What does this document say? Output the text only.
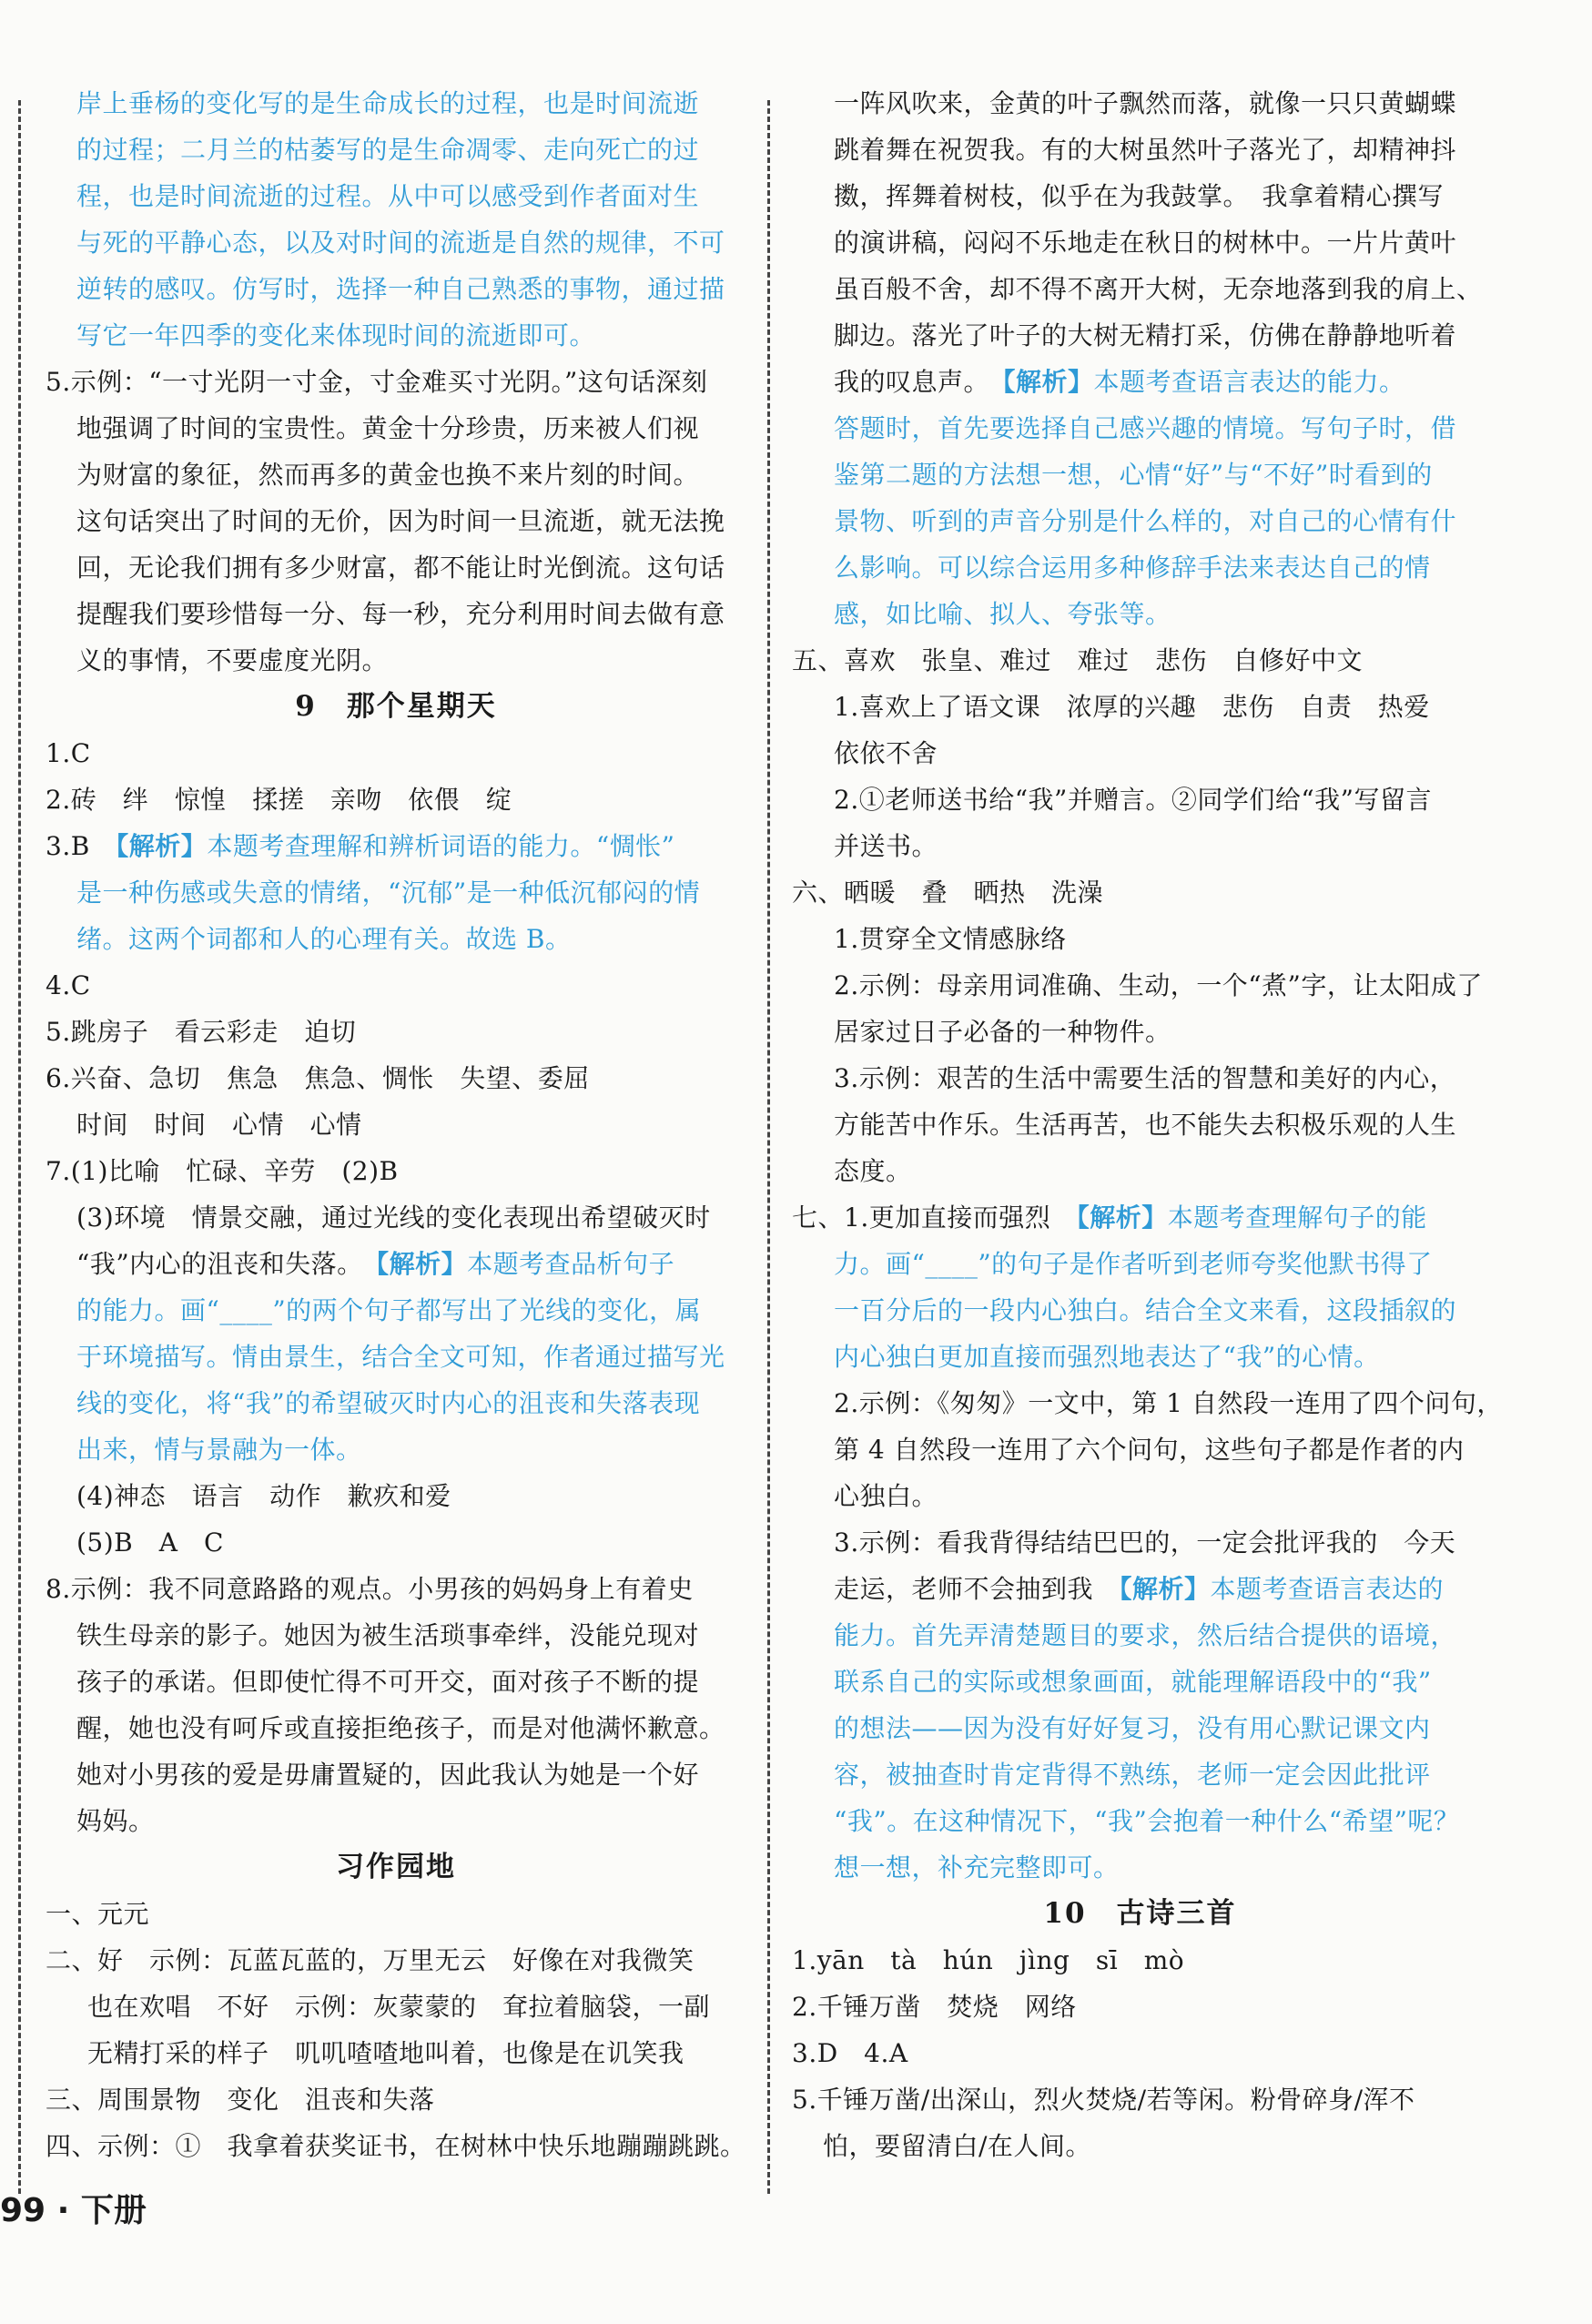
岸上垂杨的变化写的是生命成长的过程，也是时间流逝
的过程；二月兰的枯萎写的是生命凋零、走向死亡的过
程，也是时间流逝的过程。从中可以感受到作者面对生
与死的平静心态，以及对时间的流逝是自然的规律，不可
逆转的感叹。仿写时，选择一种自己熟悉的事物，通过描
写它一年四季的变化来体现时间的流逝即可。
5.示例：“一寸光阴一寸金，寸金难买寸光阴。”这句话深刻
地强调了时间的宝贵性。黄金十分珍贵，历来被人们视
为财富的象征，然而再多的黄金也换不来片刻的时间。
这句话突出了时间的无价，因为时间一旦流逝，就无法挽
回，无论我们拥有多少财富，都不能让时光倒流。这句话
提醒我们要珍惜每一分、每一秒，充分利用时间去做有意
义的事情，不要虚度光阴。
9　那个星期天
1.C
2.砖　绊　惊惶　揉搓　亲吻　依偎　绽
3.B　【解析】本题考查理解和辨析词语的能力。“惆怅”
是一种伤感或失意的情绪，“沉郁”是一种低沉郁闷的情
绪。这两个词都和人的心理有关。故选 B。
4.C
5.跳房子　看云彩走　迫切
6.兴奋、急切　焦急　焦急、惆怅　失望、委屈
时间　时间　心情　心情
7.(1)比喻　忙碌、辛劳　(2)B
(3)环境　情景交融，通过光线的变化表现出希望破灭时
“我”内心的沮丧和失落。　【解析】本题考查品析句子
的能力。画“____”的两个句子都写出了光线的变化，属
于环境描写。情由景生，结合全文可知，作者通过描写光
线的变化，将“我”的希望破灭时内心的沮丧和失落表现
出来，情与景融为一体。
(4)神态　语言　动作　歉疚和爱
(5)B　A　C
8.示例：我不同意路路的观点。小男孩的妈妈身上有着史
铁生母亲的影子。她因为被生活琐事牵绊，没能兑现对
孩子的承诺。但即使忙得不可开交，面对孩子不断的提
醒，她也没有呵斥或直接拒绝孩子，而是对他满怀歉意。
她对小男孩的爱是毋庸置疑的，因此我认为她是一个好
妈妈。
习作园地
一、元元
二、好　示例：瓦蓝瓦蓝的，万里无云　好像在对我微笑
也在欢唱　不好　示例：灰蒙蒙的　耷拉着脑袋，一副
无精打采的样子　叽叽喳喳地叫着，也像是在讥笑我
三、周围景物　变化　沮丧和失落
四、示例：①　我拿着获奖证书，在树林中快乐地蹦蹦跳跳。
一阵风吹来，金黄的叶子飘然而落，就像一只只黄蝴蝶
跳着舞在祝贺我。有的大树虽然叶子落光了，却精神抖
擞，挥舞着树枝，似乎在为我鼓掌。　我拿着精心撰写
的演讲稿，闷闷不乐地走在秋日的树林中。一片片黄叶
虽百般不舍，却不得不离开大树，无奈地落到我的肩上、
脚边。落光了叶子的大树无精打采，仿佛在静静地听着
我的叹息声。　【解析】本题考查语言表达的能力。
答题时，首先要选择自己感兴趣的情境。写句子时，借
鉴第二题的方法想一想，心情“好”与“不好”时看到的
景物、听到的声音分别是什么样的，对自己的心情有什
么影响。可以综合运用多种修辞手法来表达自己的情
感，如比喻、拟人、夸张等。
五、喜欢　张皇、难过　难过　悲伤　自修好中文
1.喜欢上了语文课　浓厚的兴趣　悲伤　自责　热爱
依依不舍
2.①老师送书给“我”并赠言。②同学们给“我”写留言
并送书。
六、晒暖　叠　晒热　洗澡
1.贯穿全文情感脉络
2.示例：母亲用词准确、生动，一个“煮”字，让太阳成了
居家过日子必备的一种物件。
3.示例：艰苦的生活中需要生活的智慧和美好的内心，
方能苦中作乐。生活再苦，也不能失去积极乐观的人生
态度。
七、1.更加直接而强烈　【解析】本题考查理解句子的能
力。画“____”的句子是作者听到老师夸奖他默书得了
一百分后的一段内心独白。结合全文来看，这段插叙的
内心独白更加直接而强烈地表达了“我”的心情。
2.示例：《匆匆》一文中，第 1 自然段一连用了四个问句，
第 4 自然段一连用了六个问句，这些句子都是作者的内
心独白。
3.示例：看我背得结结巴巴的，一定会批评我的　今天
走运，老师不会抽到我　【解析】本题考查语言表达的
能力。首先弄清楚题目的要求，然后结合提供的语境，
联系自己的实际或想象画面，就能理解语段中的“我”
的想法——因为没有好好复习，没有用心默记课文内
容，被抽查时肯定背得不熟练，老师一定会因此批评
“我”。在这种情况下，“我”会抱着一种什么“希望”呢？
想一想，补充完整即可。
10　古诗三首
1.yān　tà　hún　jìng　sī　mò
2.千锤万凿　焚烧　网络
3.D　4.A
5.千锤万凿/出深山，烈火焚烧/若等闲。粉骨碎身/浑不
怕，要留清白/在人间。
99 · 下册
